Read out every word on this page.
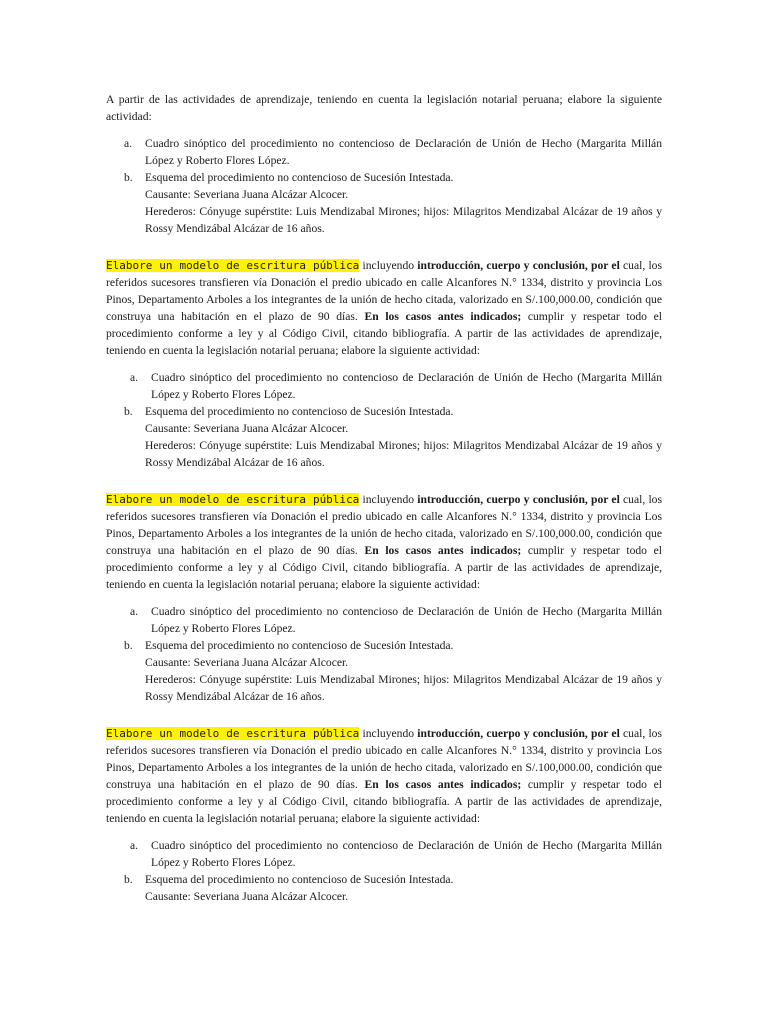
A partir de las actividades de aprendizaje, teniendo en cuenta la legislación notarial peruana; elabore la siguiente actividad:

a. Cuadro sinóptico del procedimiento no contencioso de Declaración de Unión de Hecho (Margarita Millán López y Roberto Flores López.
b. Esquema del procedimiento no contencioso de Sucesión Intestada.
Causante: Severiana Juana Alcázar Alcocer.
Herederos: Cónyuge supérstite: Luis Mendizabal Mirones; hijos: Milagritos Mendizabal Alcázar de 19 años y Rossy Mendizábal Alcázar de 16 años.

Elabore un modelo de escritura pública incluyendo introducción, cuerpo y conclusión, por el cual, los referidos sucesores transfieren vía Donación el predio ubicado en calle Alcanfores N.° 1334, distrito y provincia Los Pinos, Departamento Arboles a los integrantes de la unión de hecho citada, valorizado en S/.100,000.00, condición que construya una habitación en el plazo de 90 días. En los casos antes indicados; cumplir y respetar todo el procedimiento conforme a ley y al Código Civil, citando bibliografía. A partir de las actividades de aprendizaje, teniendo en cuenta la legislación notarial peruana; elabore la siguiente actividad:

a. Cuadro sinóptico del procedimiento no contencioso de Declaración de Unión de Hecho (Margarita Millán López y Roberto Flores López.
b. Esquema del procedimiento no contencioso de Sucesión Intestada.
Causante: Severiana Juana Alcázar Alcocer.
Herederos: Cónyuge supérstite: Luis Mendizabal Mirones; hijos: Milagritos Mendizabal Alcázar de 19 años y Rossy Mendizábal Alcázar de 16 años.

Elabore un modelo de escritura pública incluyendo introducción, cuerpo y conclusión, por el cual, los referidos sucesores transfieren vía Donación el predio ubicado en calle Alcanfores N.° 1334, distrito y provincia Los Pinos, Departamento Arboles a los integrantes de la unión de hecho citada, valorizado en S/.100,000.00, condición que construya una habitación en el plazo de 90 días. En los casos antes indicados; cumplir y respetar todo el procedimiento conforme a ley y al Código Civil, citando bibliografía. A partir de las actividades de aprendizaje, teniendo en cuenta la legislación notarial peruana; elabore la siguiente actividad:

a. Cuadro sinóptico del procedimiento no contencioso de Declaración de Unión de Hecho (Margarita Millán López y Roberto Flores López.
b. Esquema del procedimiento no contencioso de Sucesión Intestada.
Causante: Severiana Juana Alcázar Alcocer.
Herederos: Cónyuge supérstite: Luis Mendizabal Mirones; hijos: Milagritos Mendizabal Alcázar de 19 años y Rossy Mendizábal Alcázar de 16 años.

Elabore un modelo de escritura pública incluyendo introducción, cuerpo y conclusión, por el cual, los referidos sucesores transfieren vía Donación el predio ubicado en calle Alcanfores N.° 1334, distrito y provincia Los Pinos, Departamento Arboles a los integrantes de la unión de hecho citada, valorizado en S/.100,000.00, condición que construya una habitación en el plazo de 90 días. En los casos antes indicados; cumplir y respetar todo el procedimiento conforme a ley y al Código Civil, citando bibliografía. A partir de las actividades de aprendizaje, teniendo en cuenta la legislación notarial peruana; elabore la siguiente actividad:

a. Cuadro sinóptico del procedimiento no contencioso de Declaración de Unión de Hecho (Margarita Millán López y Roberto Flores López.
b. Esquema del procedimiento no contencioso de Sucesión Intestada.
Causante: Severiana Juana Alcázar Alcocer.
